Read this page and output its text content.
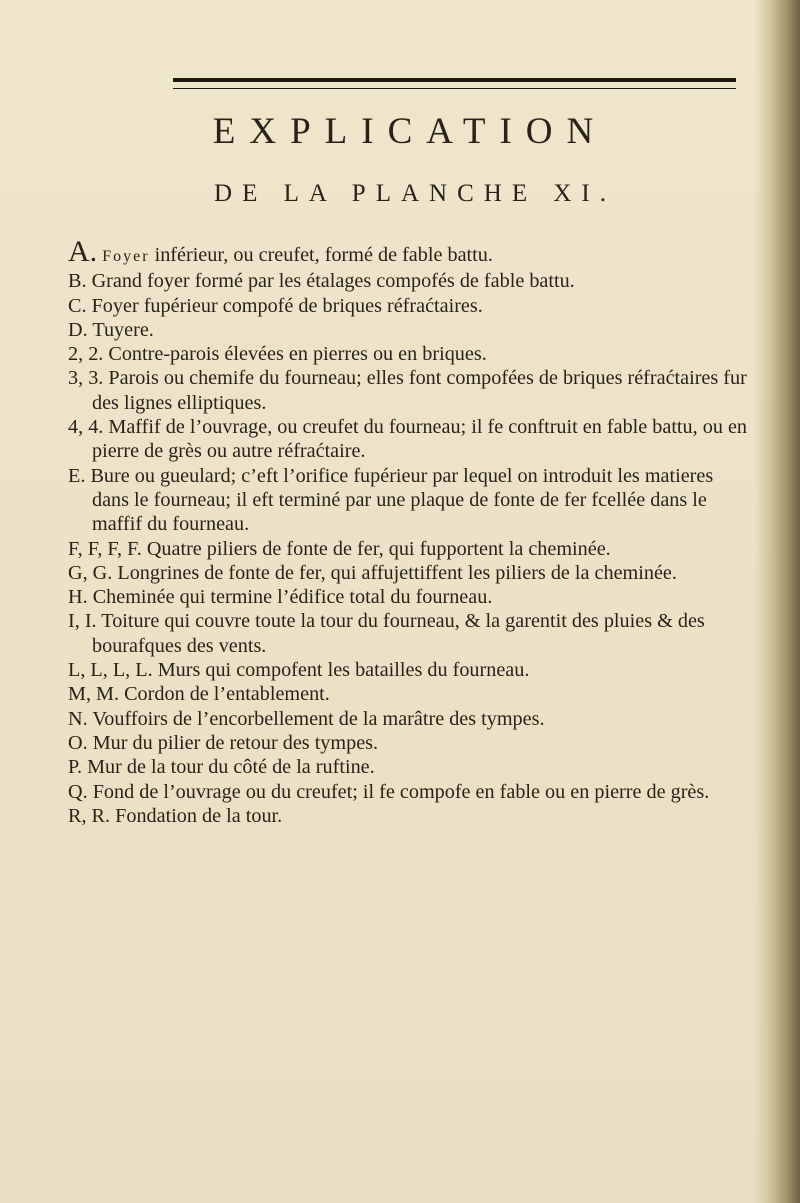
EXPLICATION
DE LA PLANCHE XI.

A. Foyer inférieur, ou creufet, formé de fable battu.

B. Grand foyer formé par les étalages compofés de fable battu.

C. Foyer fupérieur compofé de briques réfraćtaires.

D. Tuyere.

2, 2. Contre-parois élevées en pierres ou en briques.

3, 3. Parois ou chemife du fourneau; elles font compofées de briques réfraćtaires fur des lignes elliptiques.

4, 4. Maffif de l’ouvrage, ou creufet du fourneau; il fe conftruit en fable battu, ou en pierre de grès ou autre réfraćtaire.

E. Bure ou gueulard; c’eft l’orifice fupérieur par lequel on introduit les matieres dans le fourneau; il eft terminé par une plaque de fonte de fer fcellée dans le maffif du fourneau.

F, F, F, F. Quatre piliers de fonte de fer, qui fupportent la cheminée.

G, G. Longrines de fonte de fer, qui affujettiffent les piliers de la cheminée.

H. Cheminée qui termine l’édifice total du fourneau.

I, I. Toiture qui couvre toute la tour du fourneau, & la garentit des pluies & des bourafques des vents.

L, L, L, L. Murs qui compofent les batailles du fourneau.

M, M. Cordon de l’entablement.

N. Vouffoirs de l’encorbellement de la marâtre des tympes.

O. Mur du pilier de retour des tympes.

P. Mur de la tour du côté de la ruftine.

Q. Fond de l’ouvrage ou du creufet; il fe compofe en fable ou en pierre de grès.

R, R. Fondation de la tour.
